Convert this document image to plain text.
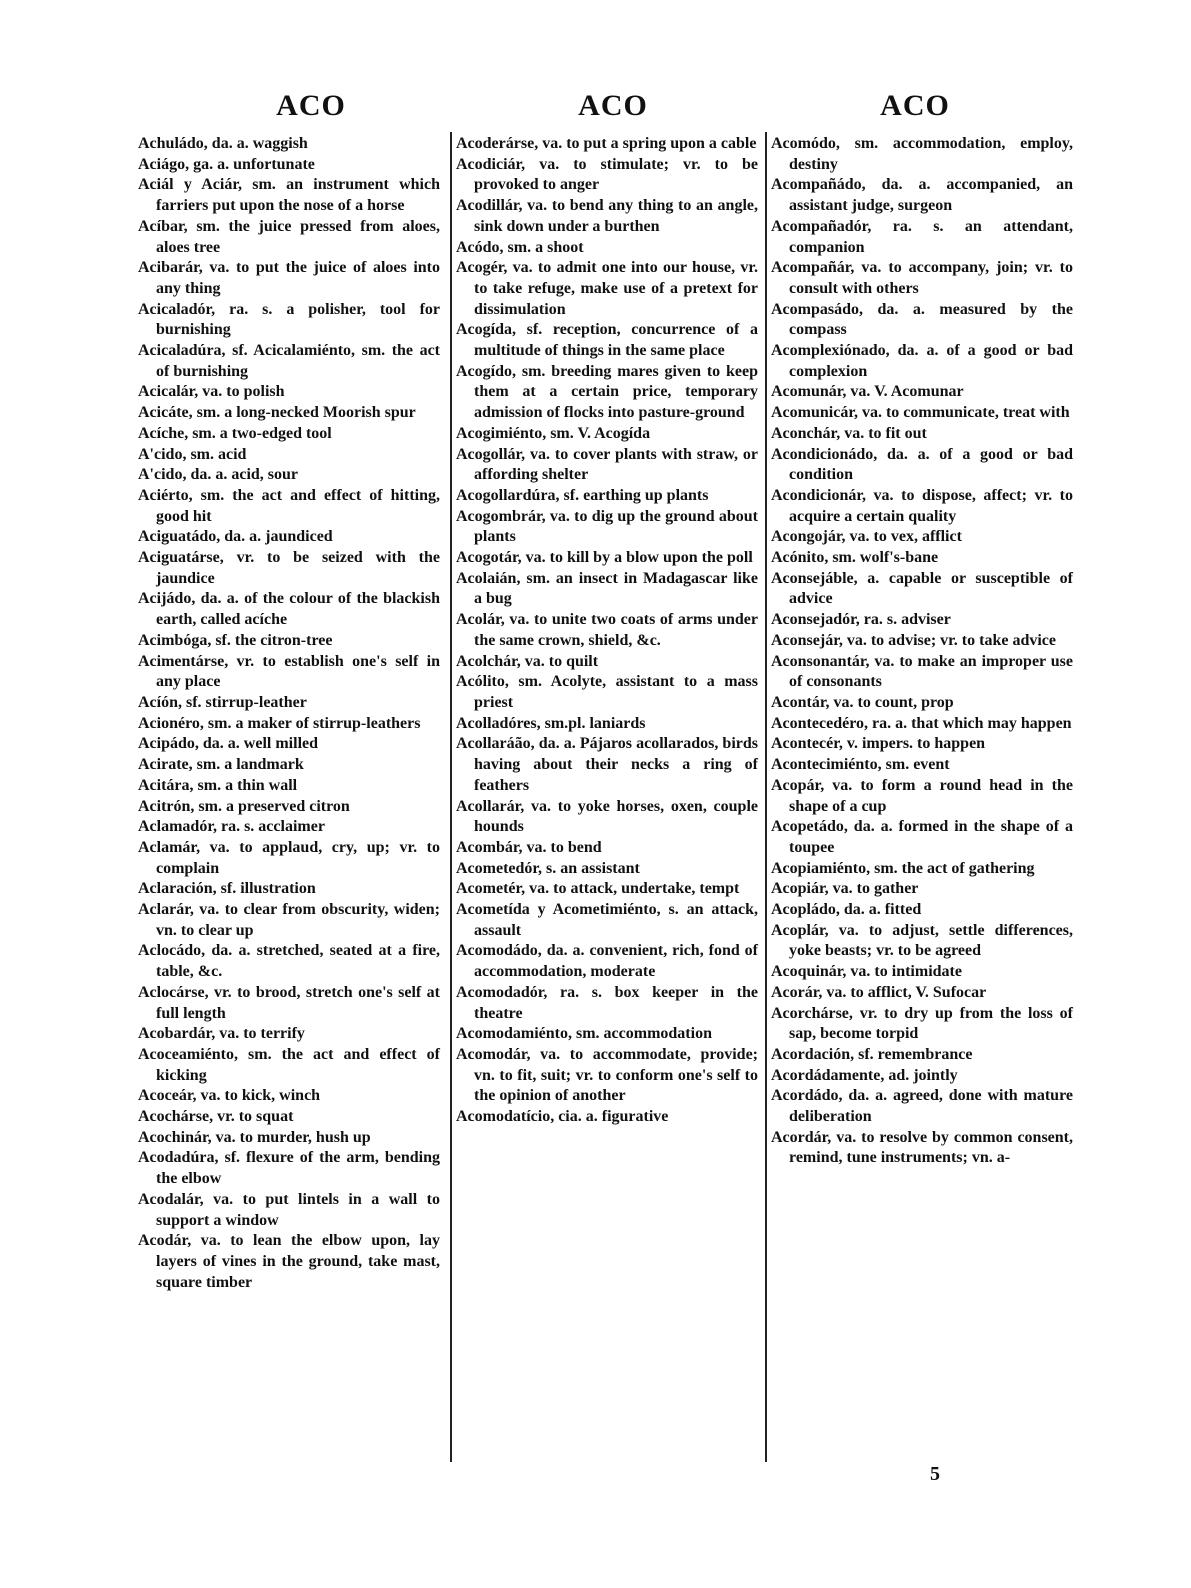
ACO	ACO	ACO

Achuládo, da. a. waggish

Aciágo, ga. a. unfortunate

Aciál y Aciár, sm. an instrument which farriers put upon the nose of a horse

Acíbar, sm. the juice pressed from aloes, aloes tree

Acibarár, va. to put the juice of aloes into any thing

Acicaladór, ra. s. a polisher, tool for burnishing

Acicaladúra, sf. Acicalamiénto, sm. the act of burnishing

Acicalár, va. to polish

Acicáte, sm. a long-necked Moorish spur

Acíche, sm. a two-edged tool

A'cido, sm. acid

A'cido, da. a. acid, sour

Aciérto, sm. the act and effect of hitting, good hit

Aciguatádo, da. a. jaundiced

Aciguatárse, vr. to be seized with the jaundice

Acijádo, da. a. of the colour of the blackish earth, called acíche

Acimbóga, sf. the citron-tree

Acimentárse, vr. to establish one's self in any place

Acíón, sf. stirrup-leather

Acionéro, sm. a maker of stirrup-leathers

Acipádo, da. a. well milled

Acirate, sm. a landmark

Acitára, sm. a thin wall

Acitrón, sm. a preserved citron

Aclamadór, ra. s. acclaimer

Aclamár, va. to applaud, cry, up; vr. to complain

Aclaración, sf. illustration

Aclarár, va. to clear from obscurity, widen; vn. to clear up

Aclocádo, da. a. stretched, seated at a fire, table, &c.

Aclocárse, vr. to brood, stretch one's self at full length

Acobardár, va. to terrify

Acoceamiénto, sm. the act and effect of kicking

Acoceár, va. to kick, winch

Acochárse, vr. to squat

Acochinár, va. to murder, hush up

Acodadúra, sf. flexure of the arm, bending the elbow

Acodalár, va. to put lintels in a wall to support a window

Acodár, va. to lean the elbow upon, lay layers of vines in the ground, take mast, square timber

Acoderárse, va. to put a spring upon a cable

Acodiciár, va. to stimulate; vr. to be provoked to anger

Acodillár, va. to bend any thing to an angle, sink down under a burthen

Acódo, sm. a shoot

Acogér, va. to admit one into our house, vr. to take refuge, make use of a pretext for dissimulation

Acogída, sf. reception, concurrence of a multitude of things in the same place

Acogído, sm. breeding mares given to keep them at a certain price, temporary admission of flocks into pasture-ground

Acogimiénto, sm. V. Acogída

Acogollár, va. to cover plants with straw, or affording shelter

Acogollardúra, sf. earthing up plants

Acogombrár, va. to dig up the ground about plants

Acogotár, va. to kill by a blow upon the poll

Acolaián, sm. an insect in Madagascar like a bug

Acolár, va. to unite two coats of arms under the same crown, shield, &c.

Acolchár, va. to quilt

Acólito, sm. Acolyte, assistant to a mass priest

Acolladóres, sm.pl. laniards

Acollaráão, da. a. Pájaros acollarados, birds having about their necks a ring of feathers

Acollarár, va. to yoke horses, oxen, couple hounds

Acombár, va. to bend

Acometedór, s. an assistant

Acometér, va. to attack, undertake, tempt

Acometída y Acometimiénto, s. an attack, assault

Acomodádo, da. a. convenient, rich, fond of accommodation, moderate

Acomodadór, ra. s. box keeper in the theatre

Acomodamiénto, sm. accommodation

Acomodár, va. to accommodate, provide; vn. to fit, suit; vr. to conform one's self to the opinion of another

Acomodatício, cia. a. figurative

Acomódo, sm. accommodation, employ, destiny

Acompañádo, da. a. accompanied, an assistant judge, surgeon

Acompañadór, ra. s. an attendant, companion

Acompañár, va. to accompany, join; vr. to consult with others

Acompasádo, da. a. measured by the compass

Acomplexiónado, da. a. of a good or bad complexion

Acomunár, va. V. Acomunar

Acomunicár, va. to communicate, treat with

Aconchár, va. to fit out

Acondicionádo, da. a. of a good or bad condition

Acondicionár, va. to dispose, affect; vr. to acquire a certain quality

Acongojár, va. to vex, afflict

Acónito, sm. wolf's-bane

Aconsejáble, a. capable or susceptible of advice

Aconsejadór, ra. s. adviser

Aconsejár, va. to advise; vr. to take advice

Aconsonantár, va. to make an improper use of consonants

Acontár, va. to count, prop

Acontecedéro, ra. a. that which may happen

Acontecér, v. impers. to happen

Acontecimiénto, sm. event

Acopár, va. to form a round head in the shape of a cup

Acopetádo, da. a. formed in the shape of a toupee

Acopiamiénto, sm. the act of gathering

Acopiár, va. to gather

Acopládo, da. a. fitted

Acoplár, va. to adjust, settle differences, yoke beasts; vr. to be agreed

Acoquinár, va. to intimidate

Acorár, va. to afflict, V. Sufocar

Acorchárse, vr. to dry up from the loss of sap, become torpid

Acordación, sf. remembrance

Acordádamente, ad. jointly

Acordádo, da. a. agreed, done with mature deliberation

Acordár, va. to resolve by common consent, remind, tune instruments; vn. a-

5
